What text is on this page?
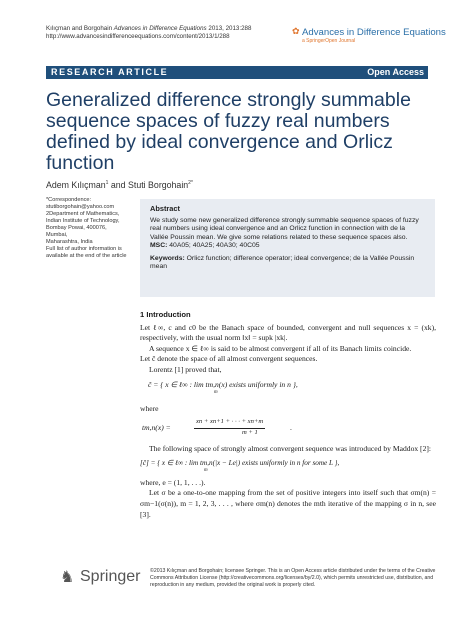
Kılıçman and Borgohain Advances in Difference Equations 2013, 2013:288
http://www.advancesindifferenceequations.com/content/2013/1/288
✿ Advances in Difference Equations
a SpringerOpen Journal
RESEARCH ARTICLE	Open Access
Generalized difference strongly summable sequence spaces of fuzzy real numbers defined by ideal convergence and Orlicz function
Adem Kılıçman$^1$ and Stuti Borgohain$^{2*}$
*Correspondence:
stutiborgohain@yahoo.com
2Department of Mathematics,
Indian Institute of Technology,
Bombay Powai, 400076, Mumbai,
Maharashtra, India
Full list of author information is
available at the end of the article
Abstract
We study some new generalized difference strongly summable sequence spaces of fuzzy real numbers using ideal convergence and an Orlicz function in connection with de la Vallée Poussin mean. We give some relations related to these sequence spaces also.
MSC: 40A05; 40A25; 40A30; 40C05
Keywords: Orlicz function; difference operator; ideal convergence; de la Vallée Poussin mean
1 Introduction

Let ℓ∞, c and c0 be the Banach space of bounded, convergent and null sequences x = (xk), respectively, with the usual norm ‖x‖ = supk |xk|.

A sequence x ∈ ℓ∞ is said to be almost convergent if all of its Banach limits coincide.

Let ĉ denote the space of all almost convergent sequences.

Lorentz [1] proved that,

ĉ = { x ∈ ℓ∞ : lim tm,n(x) exists uniformly in n },
m

where

tm,n(x) =
xn + xn+1 + · · · + xn+m
m + 1
.

The following space of strongly almost convergent sequence was introduced by Maddox [2]:

[ĉ] = { x ∈ ℓ∞ : lim tm,n(|x − Le|) exists uniformly in n for some L },
m

where, e = (1, 1, . . .).

Let σ be a one-to-one mapping from the set of positive integers into itself such that σm(n) = σm−1(σ(n)), m = 1, 2, 3, . . . , where σm(n) denotes the mth iterative of the mapping σ in n, see [3].

♞ Springer ©2013 Kılıçman and Borgohain; licensee Springer. This is an Open Access article distributed under the terms of the Creative Commons Attribution License (http://creativecommons.org/licenses/by/2.0), which permits unrestricted use, distribution, and reproduction in any medium, provided the original work is properly cited.
